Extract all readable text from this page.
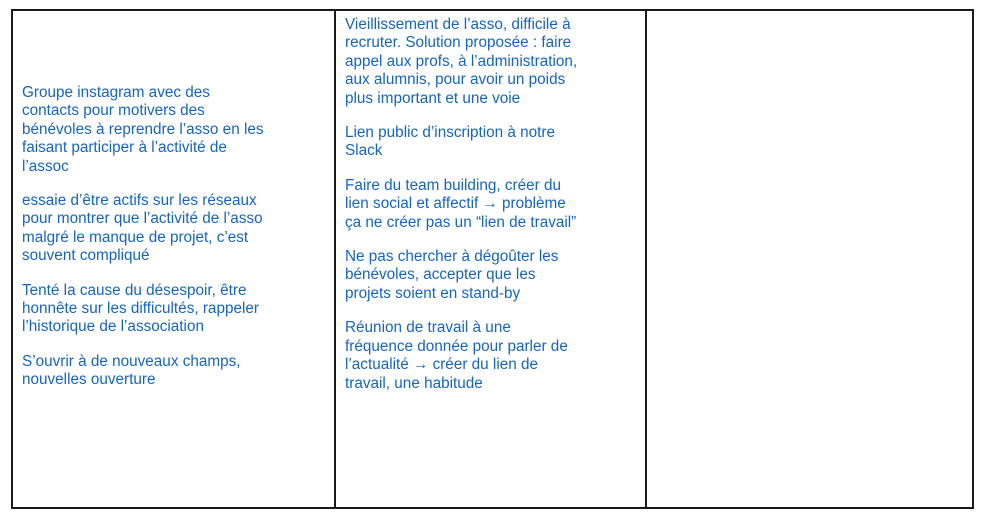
Groupe instagram avec des
contacts pour motivers des
bénévoles à reprendre l’asso en les
faisant participer à l’activité de
l’assoc

essaie d’être actifs sur les réseaux
pour montrer que l’activité de l’asso
malgré le manque de projet, c’est
souvent compliqué

Tenté la cause du désespoir, être
honnête sur les difficultés, rappeler
l’historique de l’association

S’ouvrir à de nouveaux champs,
nouvelles ouverture

Vieillissement de l’asso, difficile à
recruter. Solution proposée : faire
appel aux profs, à l’administration,
aux alumnis, pour avoir un poids
plus important et une voie

Lien public d’inscription à notre
Slack

Faire du team building, créer du
lien social et affectif → problème
ça ne créer pas un “lien de travail”

Ne pas chercher à dégoûter les
bénévoles, accepter que les
projets soient en stand-by

Réunion de travail à une
fréquence donnée pour parler de
l’actualité → créer du lien de
travail, une habitude
